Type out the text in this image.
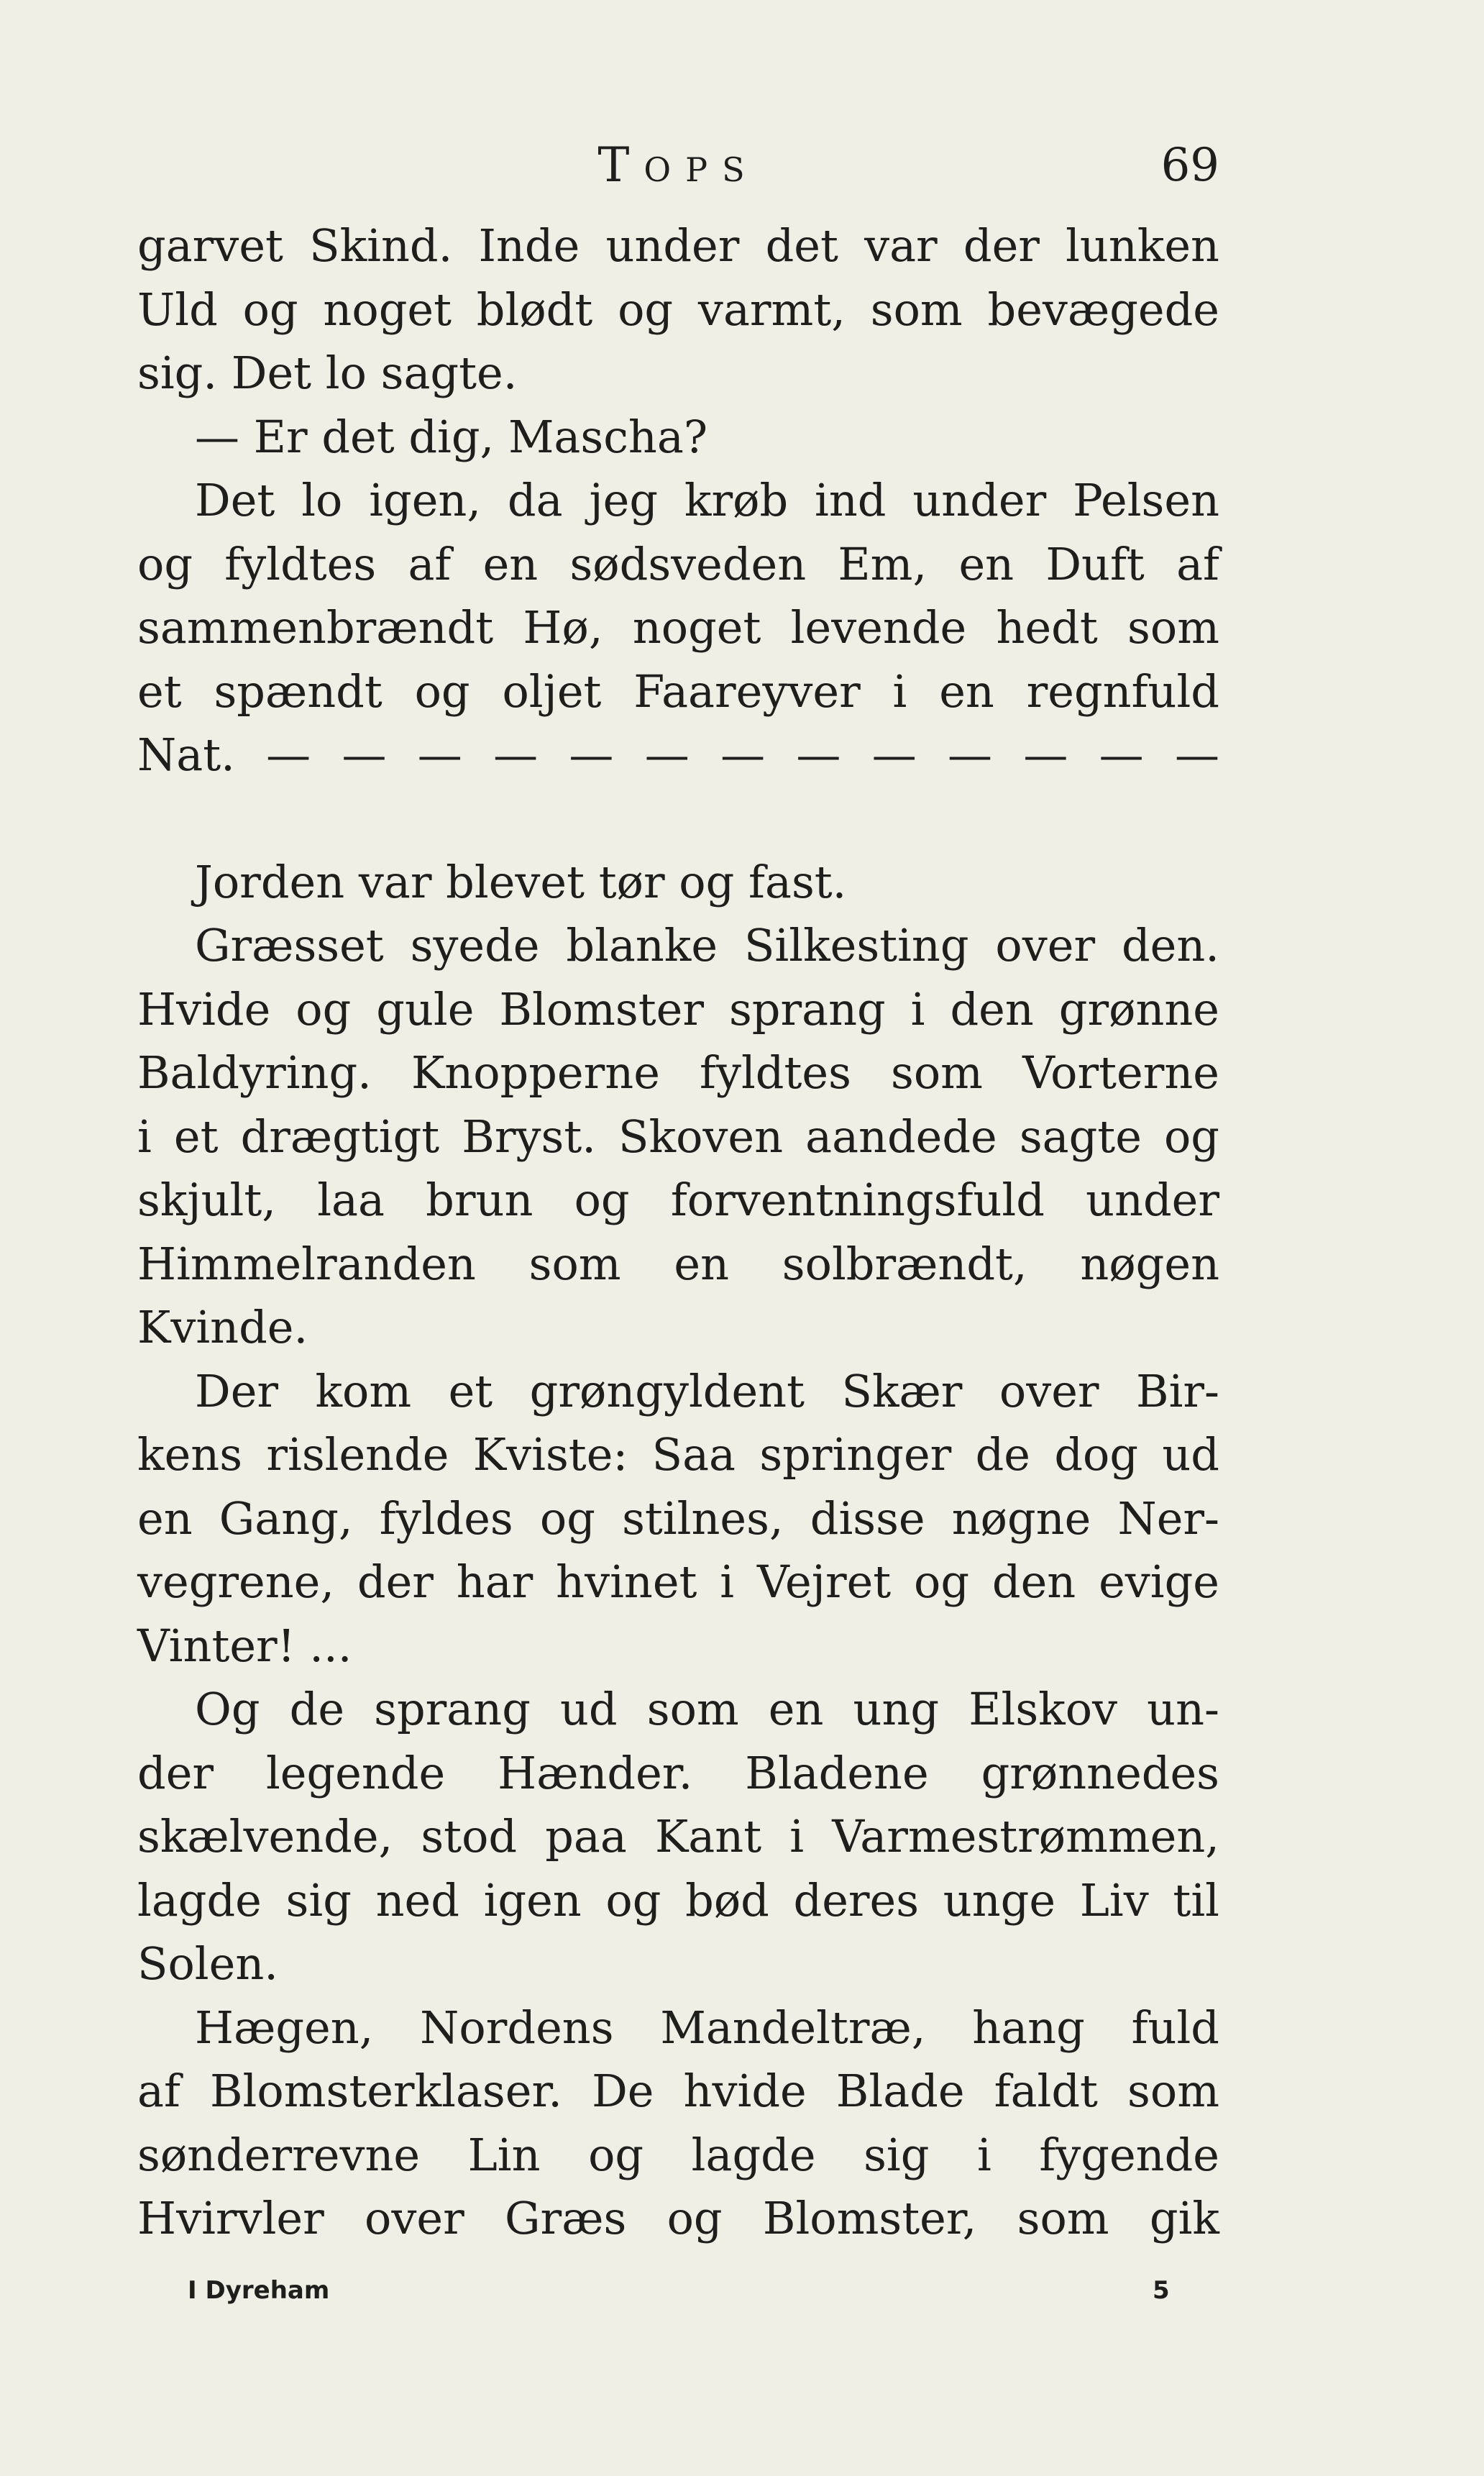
Tops	69
garvet Skind. Inde under det var der lunken
Uld og noget blødt og varmt, som bevægede
sig. Det lo sagte.
— Er det dig, Mascha?
Det lo igen, da jeg krøb ind under Pelsen
og fyldtes af en sødsveden Em, en Duft af
sammenbrændt Hø, noget levende hedt som
et spændt og oljet Faareyver i en regnfuld
Nat. — — — — — — — — — — — — —
Jorden var blevet tør og fast.
Græsset syede blanke Silkesting over den.
Hvide og gule Blomster sprang i den grønne
Baldyring. Knopperne fyldtes som Vorterne
i et drægtigt Bryst. Skoven aandede sagte og
skjult, laa brun og forventningsfuld under
Himmelranden som en solbrændt, nøgen
Kvinde.
Der kom et grøngyldent Skær over Bir-
kens rislende Kviste: Saa springer de dog ud
en Gang, fyldes og stilnes, disse nøgne Ner-
vegrene, der har hvinet i Vejret og den evige
Vinter! ...
Og de sprang ud som en ung Elskov un-
der legende Hænder. Bladene grønnedes
skælvende, stod paa Kant i Varmestrømmen,
lagde sig ned igen og bød deres unge Liv til
Solen.
Hægen, Nordens Mandeltræ, hang fuld
af Blomsterklaser. De hvide Blade faldt som
sønderrevne Lin og lagde sig i fygende
Hvirvler over Græs og Blomster, som gik
I Dyreham	5
